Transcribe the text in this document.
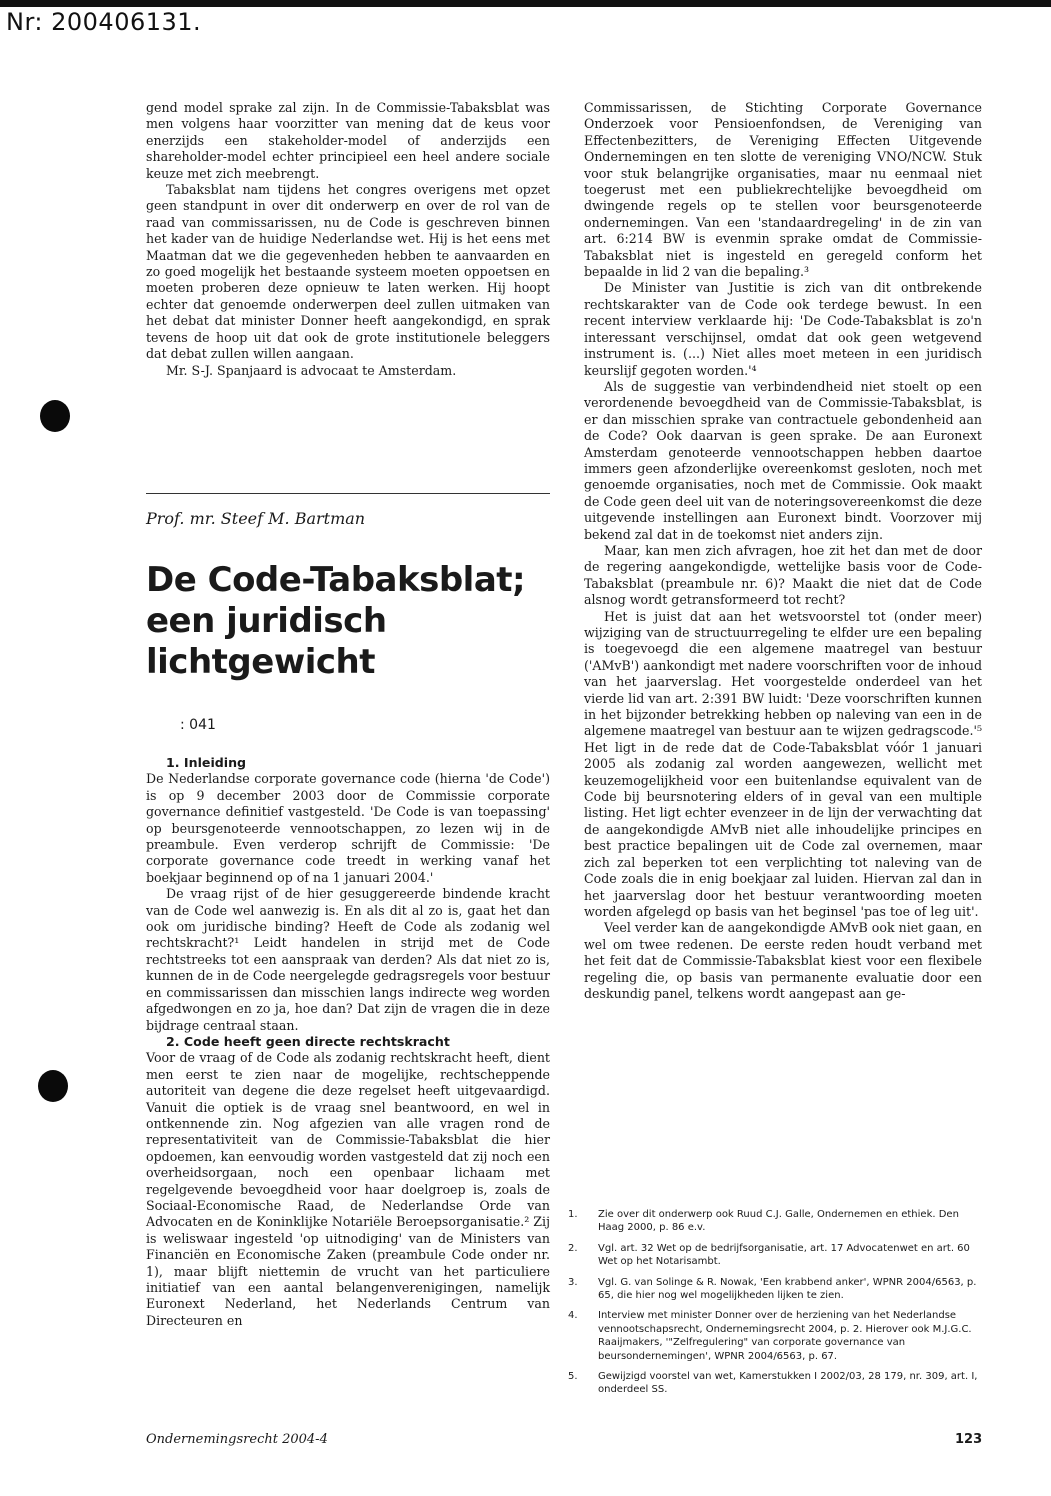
Nr: 200406131.

gend model sprake zal zijn. In de Commissie-Tabaksblat was men volgens haar voorzitter van mening dat de keus voor enerzijds een stakeholder-model of anderzijds een shareholder-model echter principieel een heel andere sociale keuze met zich meebrengt.

Tabaksblat nam tijdens het congres overigens met opzet geen standpunt in over dit onderwerp en over de rol van de raad van commissarissen, nu de Code is geschreven binnen het kader van de huidige Nederlandse wet. Hij is het eens met Maatman dat we die gegevenheden hebben te aanvaarden en zo goed mogelijk het bestaande systeem moeten oppoetsen en moeten proberen deze opnieuw te laten werken. Hij hoopt echter dat genoemde onderwerpen deel zullen uitmaken van het debat dat minister Donner heeft aangekondigd, en sprak tevens de hoop uit dat ook de grote institutionele beleggers dat debat zullen willen aangaan.

Mr. S-J. Spanjaard is advocaat te Amsterdam.

Prof. mr. Steef M. Bartman
De Code-Tabaksblat; een juridisch lichtgewicht
: 041

1. Inleiding

De Nederlandse corporate governance code (hierna 'de Code') is op 9 december 2003 door de Commissie corporate governance definitief vastgesteld. 'De Code is van toepassing' op beursgenoteerde vennootschappen, zo lezen wij in de preambule. Even verderop schrijft de Commissie: 'De corporate governance code treedt in werking vanaf het boekjaar beginnend op of na 1 januari 2004.'

De vraag rijst of de hier gesuggereerde bindende kracht van de Code wel aanwezig is. En als dit al zo is, gaat het dan ook om juridische binding? Heeft de Code als zodanig wel rechtskracht?¹ Leidt handelen in strijd met de Code rechtstreeks tot een aanspraak van derden? Als dat niet zo is, kunnen de in de Code neergelegde gedragsregels voor bestuur en commissarissen dan misschien langs indirecte weg worden afgedwongen en zo ja, hoe dan? Dat zijn de vragen die in deze bijdrage centraal staan.

2. Code heeft geen directe rechtskracht

Voor de vraag of de Code als zodanig rechtskracht heeft, dient men eerst te zien naar de mogelijke, rechtscheppende autoriteit van degene die deze regelset heeft uitgevaardigd. Vanuit die optiek is de vraag snel beantwoord, en wel in ontkennende zin. Nog afgezien van alle vragen rond de representativiteit van de Commissie-Tabaksblat die hier opdoemen, kan eenvoudig worden vastgesteld dat zij noch een overheidsorgaan, noch een openbaar lichaam met regelgevende bevoegdheid voor haar doelgroep is, zoals de Sociaal-Economische Raad, de Nederlandse Orde van Advocaten en de Koninklijke Notariële Beroepsorganisatie.² Zij is weliswaar ingesteld 'op uitnodiging' van de Ministers van Financiën en Economische Zaken (preambule Code onder nr. 1), maar blijft niettemin de vrucht van het particuliere initiatief van een aantal belangenverenigingen, namelijk Euronext Nederland, het Nederlands Centrum van Directeuren en

Commissarissen, de Stichting Corporate Governance Onderzoek voor Pensioenfondsen, de Vereniging van Effectenbezitters, de Vereniging Effecten Uitgevende Ondernemingen en ten slotte de vereniging VNO/NCW. Stuk voor stuk belangrijke organisaties, maar nu eenmaal niet toegerust met een publiekrechtelijke bevoegdheid om dwingende regels op te stellen voor beursgenoteerde ondernemingen. Van een 'standaardregeling' in de zin van art. 6:214 BW is evenmin sprake omdat de Commissie-Tabaksblat niet is ingesteld en geregeld conform het bepaalde in lid 2 van die bepaling.³

De Minister van Justitie is zich van dit ontbrekende rechtskarakter van de Code ook terdege bewust. In een recent interview verklaarde hij: 'De Code-Tabaksblat is zo'n interessant verschijnsel, omdat dat ook geen wetgevend instrument is. (...) Niet alles moet meteen in een juridisch keurslijf gegoten worden.'⁴

Als de suggestie van verbindendheid niet stoelt op een verordenende bevoegdheid van de Commissie-Tabaksblat, is er dan misschien sprake van contractuele gebondenheid aan de Code? Ook daarvan is geen sprake. De aan Euronext Amsterdam genoteerde vennootschappen hebben daartoe immers geen afzonderlijke overeenkomst gesloten, noch met genoemde organisaties, noch met de Commissie. Ook maakt de Code geen deel uit van de noteringsovereenkomst die deze uitgevende instellingen aan Euronext bindt. Voorzover mij bekend zal dat in de toekomst niet anders zijn.

Maar, kan men zich afvragen, hoe zit het dan met de door de regering aangekondigde, wettelijke basis voor de Code-Tabaksblat (preambule nr. 6)? Maakt die niet dat de Code alsnog wordt getransformeerd tot recht?

Het is juist dat aan het wetsvoorstel tot (onder meer) wijziging van de structuurregeling te elfder ure een bepaling is toegevoegd die een algemene maatregel van bestuur ('AMvB') aankondigt met nadere voorschriften voor de inhoud van het jaarverslag. Het voorgestelde onderdeel van het vierde lid van art. 2:391 BW luidt: 'Deze voorschriften kunnen in het bijzonder betrekking hebben op naleving van een in de algemene maatregel van bestuur aan te wijzen gedragscode.'⁵ Het ligt in de rede dat de Code-Tabaksblat vóór 1 januari 2005 als zodanig zal worden aangewezen, wellicht met keuzemogelijkheid voor een buitenlandse equivalent van de Code bij beursnotering elders of in geval van een multiple listing. Het ligt echter evenzeer in de lijn der verwachting dat de aangekondigde AMvB niet alle inhoudelijke principes en best practice bepalingen uit de Code zal overnemen, maar zich zal beperken tot een verplichting tot naleving van de Code zoals die in enig boekjaar zal luiden. Hiervan zal dan in het jaarverslag door het bestuur verantwoording moeten worden afgelegd op basis van het beginsel 'pas toe of leg uit'.

Veel verder kan de aangekondigde AMvB ook niet gaan, en wel om twee redenen. De eerste reden houdt verband met het feit dat de Commissie-Tabaksblat kiest voor een flexibele regeling die, op basis van permanente evaluatie door een deskundig panel, telkens wordt aangepast aan ge-

1.	Zie over dit onderwerp ook Ruud C.J. Galle, Ondernemen en ethiek. Den Haag 2000, p. 86 e.v.
2.	Vgl. art. 32 Wet op de bedrijfsorganisatie, art. 17 Advocatenwet en art. 60 Wet op het Notarisambt.
3.	Vgl. G. van Solinge & R. Nowak, 'Een krabbend anker', WPNR 2004/6563, p. 65, die hier nog wel mogelijkheden lijken te zien.
4.	Interview met minister Donner over de herziening van het Nederlandse vennootschapsrecht, Ondernemingsrecht 2004, p. 2. Hierover ook M.J.G.C. Raaijmakers, '"Zelfregulering" van corporate governance van beursondernemingen', WPNR 2004/6563, p. 67.
5.	Gewijzigd voorstel van wet, Kamerstukken I 2002/03, 28 179, nr. 309, art. I, onderdeel SS.
Ondernemingsrecht 2004-4	123
